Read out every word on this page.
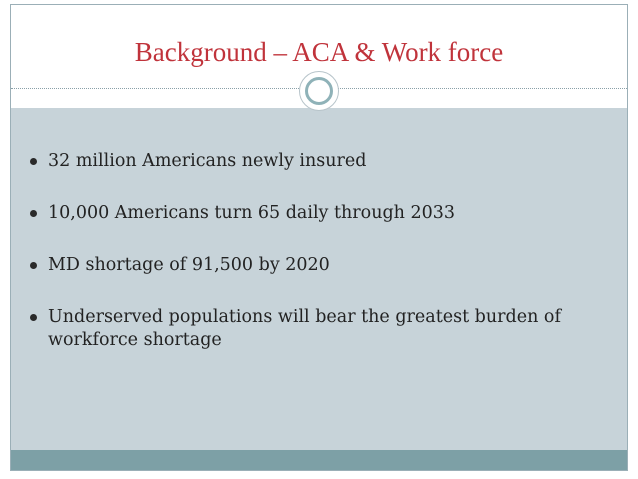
Background – ACA & Work force
32 million Americans newly insured
10,000 Americans turn 65 daily through 2033
MD shortage of 91,500 by 2020
Underserved populations will bear the greatest burden of workforce shortage
